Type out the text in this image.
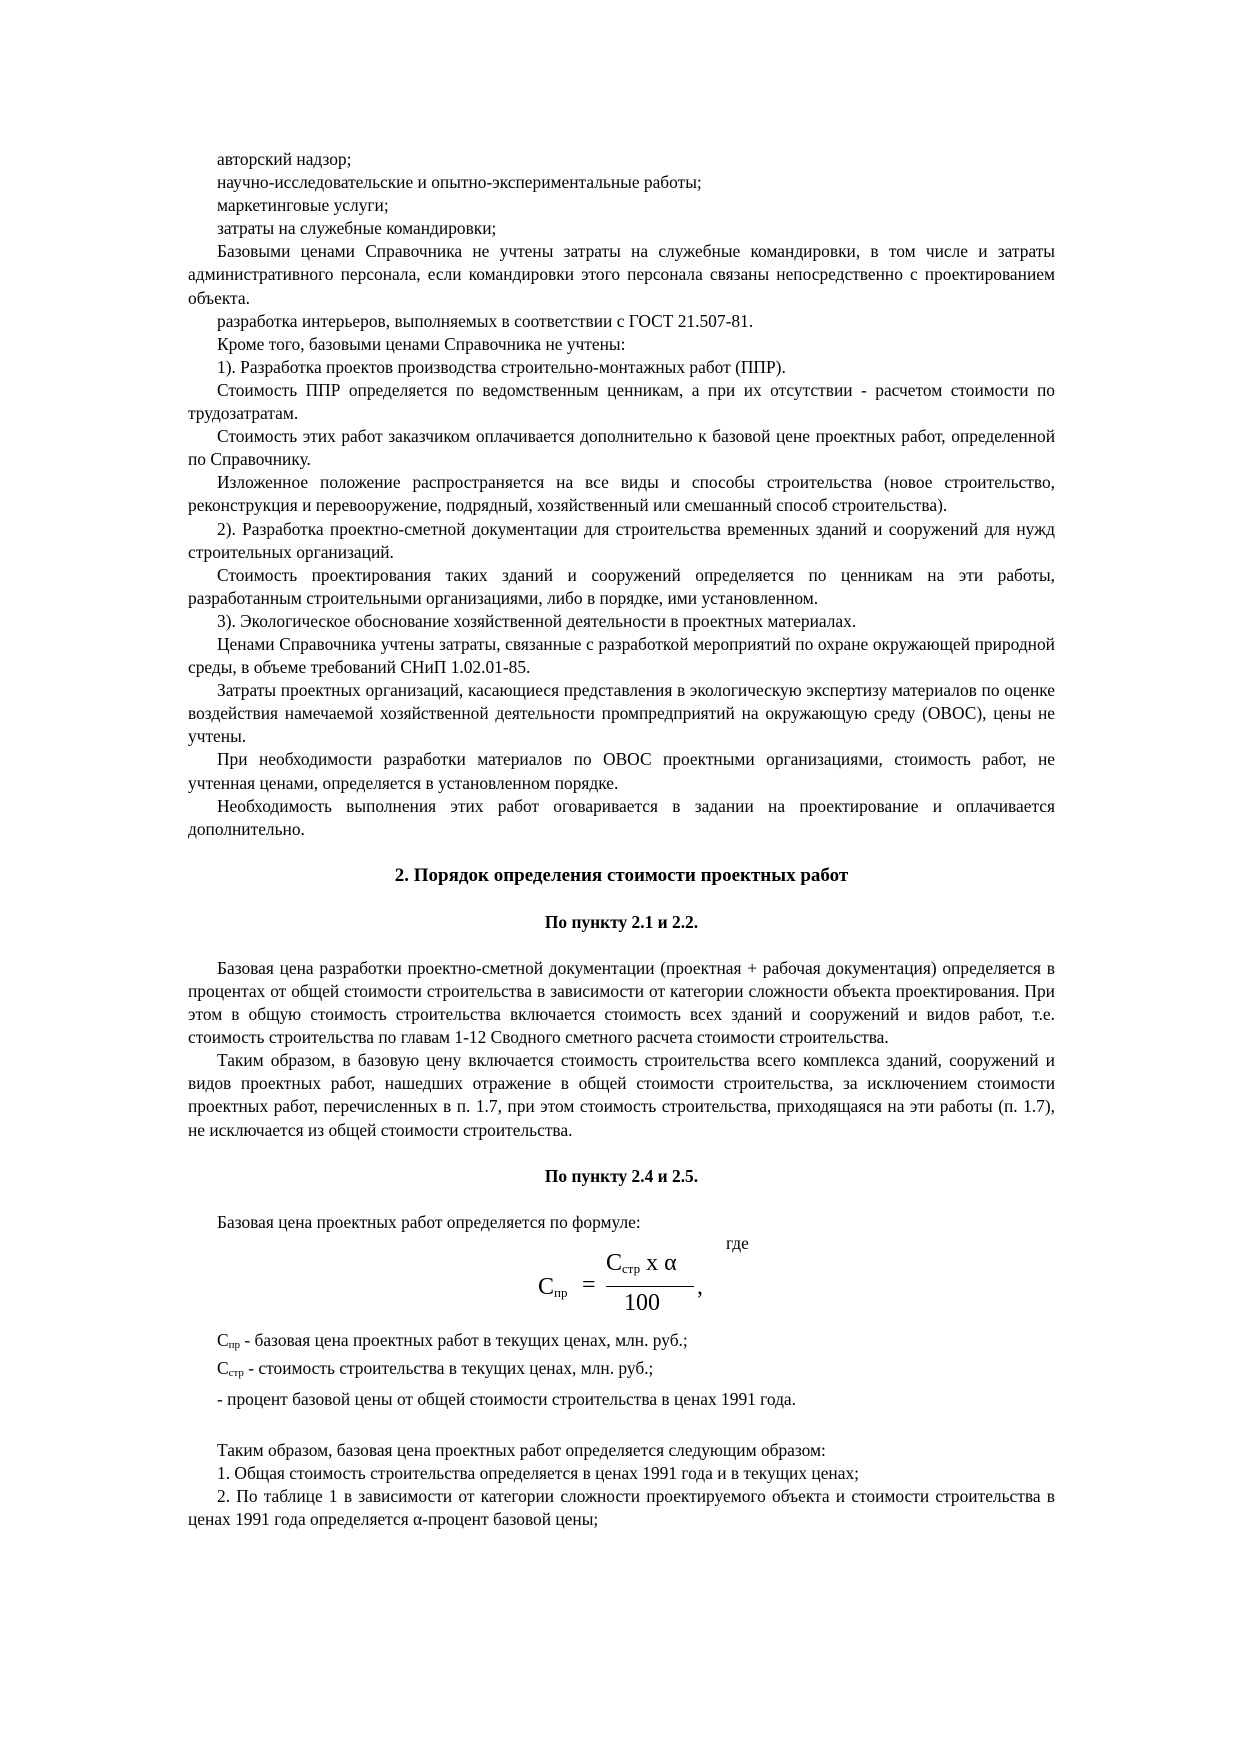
авторский надзор;

научно-исследовательские и опытно-экспериментальные работы;

маркетинговые услуги;

затраты на служебные командировки;

Базовыми ценами Справочника не учтены затраты на служебные командировки, в том числе и затраты административного персонала, если командировки этого персонала связаны непосредственно с проектированием объекта.

разработка интерьеров, выполняемых в соответствии с ГОСТ 21.507-81.

Кроме того, базовыми ценами Справочника не учтены:

1). Разработка проектов производства строительно-монтажных работ (ППР).

Стоимость ППР определяется по ведомственным ценникам, а при их отсутствии - расчетом стоимости по трудозатратам.

Стоимость этих работ заказчиком оплачивается дополнительно к базовой цене проектных работ, определенной по Справочнику.

Изложенное положение распространяется на все виды и способы строительства (новое строительство, реконструкция и перевооружение, подрядный, хозяйственный или смешанный способ строительства).

2). Разработка проектно-сметной документации для строительства временных зданий и сооружений для нужд строительных организаций.

Стоимость проектирования таких зданий и сооружений определяется по ценникам на эти работы, разработанным строительными организациями, либо в порядке, ими установленном.

3). Экологическое обоснование хозяйственной деятельности в проектных материалах.

Ценами Справочника учтены затраты, связанные с разработкой мероприятий по охране окружающей природной среды, в объеме требований СНиП 1.02.01-85.

Затраты проектных организаций, касающиеся представления в экологическую экспертизу материалов по оценке воздействия намечаемой хозяйственной деятельности промпредприятий на окружающую среду (ОВОС), цены не учтены.

При необходимости разработки материалов по ОВОС проектными организациями, стоимость работ, не учтенная ценами, определяется в установленном порядке.

Необходимость выполнения этих работ оговаривается в задании на проектирование и оплачивается дополнительно.

2. Порядок определения стоимости проектных работ
По пункту 2.1 и 2.2.

Базовая цена разработки проектно-сметной документации (проектная + рабочая документация) определяется в процентах от общей стоимости строительства в зависимости от категории сложности объекта проектирования. При этом в общую стоимость строительства включается стоимость всех зданий и сооружений и видов работ, т.е. стоимость строительства по главам 1-12 Сводного сметного расчета стоимости строительства.

Таким образом, в базовую цену включается стоимость строительства всего комплекса зданий, сооружений и видов проектных работ, нашедших отражение в общей стоимости строительства, за исключением стоимости проектных работ, перечисленных в п. 1.7, при этом стоимость строительства, приходящаяся на эти работы (п. 1.7), не исключается из общей стоимости строительства.

По пункту 2.4 и 2.5.

Базовая цена проектных работ определяется по формуле:

где
$С_{пр}$ =
$С_{стр}$ х α
100
,

Спр - базовая цена проектных работ в текущих ценах, млн. руб.;

Сстр - стоимость строительства в текущих ценах, млн. руб.;

- процент базовой цены от общей стоимости строительства в ценах 1991 года.

Таким образом, базовая цена проектных работ определяется следующим образом:

1. Общая стоимость строительства определяется в ценах 1991 года и в текущих ценах;

2. По таблице 1 в зависимости от категории сложности проектируемого объекта и стоимости строительства в ценах 1991 года определяется α-процент базовой цены;
